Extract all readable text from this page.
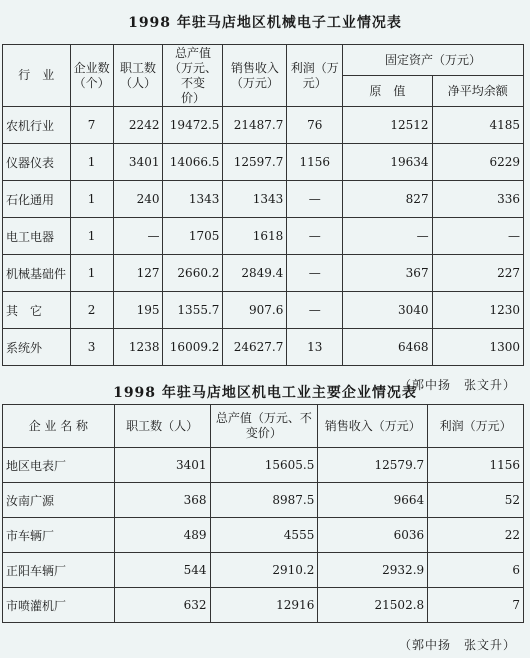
1998 年驻马店地区机械电子工业情况表
行　业	企业数（个）	职工数（人）	总产值（万元、不变　价）	销售收入（万元）	利润（万元）	固定资产（万元）	
						原　值	净平均余额
农机行业	7	2242	19472.5	21487.7	76	12512	4185
仪器仪表	1	3401	14066.5	12597.7	1156	19634	6229
石化通用	1	240	1343	1343	—	827	336
电工电器	1	—	1705	1618	—	—	—
机械基础件	1	127	2660.2	2849.4	—	367	227
其　它	2	195	1355.7	907.6	—	3040	1230
系统外	3	1238	16009.2	24627.7	13	6468	1300
（郭中扬　张文升）
1998 年驻马店地区机电工业主要企业情况表
企 业 名 称	职工数（人）	总产值（万元、不变价）	销售收入（万元）	利润（万元）
地区电表厂	3401	15605.5	12579.7	1156
汝南广源	368	8987.5	9664	52
市车辆厂	489	4555	6036	22
正阳车辆厂	544	2910.2	2932.9	6
市喷灌机厂	632	12916	21502.8	7
（郭中扬　张文升）
